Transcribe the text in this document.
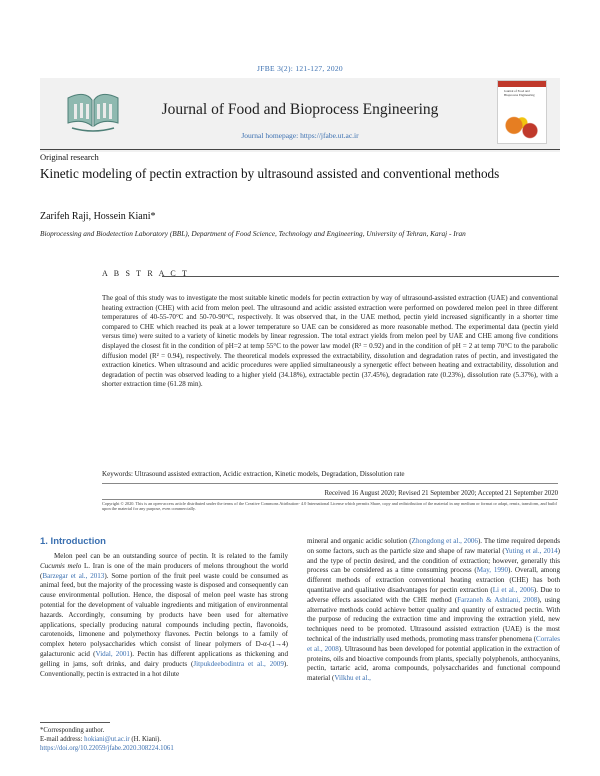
JFBE 3(2): 121-127, 2020
Journal of Food and Bioprocess Engineering
Journal homepage: https://jfabe.ut.ac.ir
Journal of Food and Bioprocess Engineering
Original research
Kinetic modeling of pectin extraction by ultrasound assisted and conventional methods
Zarifeh Raji, Hossein Kiani*
Bioprocessing and Biodetection Laboratory (BBL), Department of Food Science, Technology and Engineering, University of Tehran, Karaj - Iran
A B S T R A C T
The goal of this study was to investigate the most suitable kinetic models for pectin extraction by way of ultrasound-assisted extraction (UAE) and conventional heating extraction (CHE) with acid from melon peel. The ultrasound and acidic assisted extraction were performed on powdered melon peel in three different temperatures of 40-55-70°C and 50-70-90°C, respectively. It was observed that, in the UAE method, pectin yield increased significantly in a shorter time compared to CHE which reached its peak at a lower temperature so UAE can be considered as more reasonable method. The experimental data (pectin yield versus time) were suited to a variety of kinetic models by linear regression. The total extract yields from melon peel by UAE and CHE among five conditions displayed the closest fit in the condition of pH=2 at temp 55°C to the power law model (R² = 0.92) and in the condition of pH = 2 at temp 70°C to the parabolic diffusion model (R² = 0.94), respectively. The theoretical models expressed the extractability, dissolution and degradation rates of pectin, and investigated the extraction kinetics. When ultrasound and acidic procedures were applied simultaneously a synergetic effect between heating and extractability, dissolution and degradation of pectin was observed leading to a higher yield (34.18%), extractable pectin (37.45%), degradation rate (0.23%), dissolution rate (5.37%), with a shorter extraction time (61.28 min).
Keywords: Ultrasound assisted extraction, Acidic extraction, Kinetic models, Degradation, Dissolution rate
Received 16 August 2020; Revised 21 September 2020; Accepted 21 September 2020
Copyright © 2020. This is an open-access article distributed under the terms of the Creative Commons Attribution- 4.0 International License which permits Share, copy and redistribution of the material in any medium or format or adapt, remix, transform, and build upon the material for any purpose, even commercially.
1. Introduction

Melon peel can be an outstanding source of pectin. It is related to the family Cucumis melo L. Iran is one of the main producers of melons throughout the world (Barzegar et al., 2013). Some portion of the fruit peel waste could be consumed as animal feed, but the majority of the processing waste is disposed and consequently can cause environmental pollution. Hence, the disposal of melon peel waste has strong potential for the development of valuable ingredients and mitigation of environmental hazards. Accordingly, consuming by products have been used for alternative applications, specially producing natural compounds including pectin, flavonoids, carotenoids, limonene and polymethoxy flavones. Pectin belongs to a family of complex hetero polysaccharides which consist of linear polymers of D-α-(1→4) galacturonic acid (Vidal, 2001). Pectin has different applications as thickening and gelling in jams, soft drinks, and dairy products (Jitpukdeebodintra et al., 2009). Conventionally, pectin is extracted in a hot dilute

mineral and organic acidic solution (Zhongdong et al., 2006). The time required depends on some factors, such as the particle size and shape of raw material (Yuting et al., 2014) and the type of pectin desired, and the condition of extraction; however, generally this process can be considered as a time consuming process (May, 1990). Overall, among different methods of extraction conventional heating extraction (CHE) has both quantitative and qualitative disadvantages for pectin extraction (Li et al., 2006). Due to adverse effects associated with the CHE method (Farzaneh & Ashtiani, 2008), using alternative methods could achieve better quality and quantity of extracted pectin. With the purpose of reducing the extraction time and improving the extraction yield, new techniques need to be promoted. Ultrasound assisted extraction (UAE) is the most technical of the industrially used methods, promoting mass transfer phenomena (Corrales et al., 2008). Ultrasound has been developed for potential application in the extraction of proteins, oils and bioactive compounds from plants, specially polyphenols, anthocyanins, pectin, tartaric acid, aroma compounds, polysaccharides and functional compound material (Vilkhu et al.,

*Corresponding author.
E-mail address: hokiani@ut.ac.ir (H. Kiani).
https://doi.org/10.22059/jfabe.2020.308224.1061
